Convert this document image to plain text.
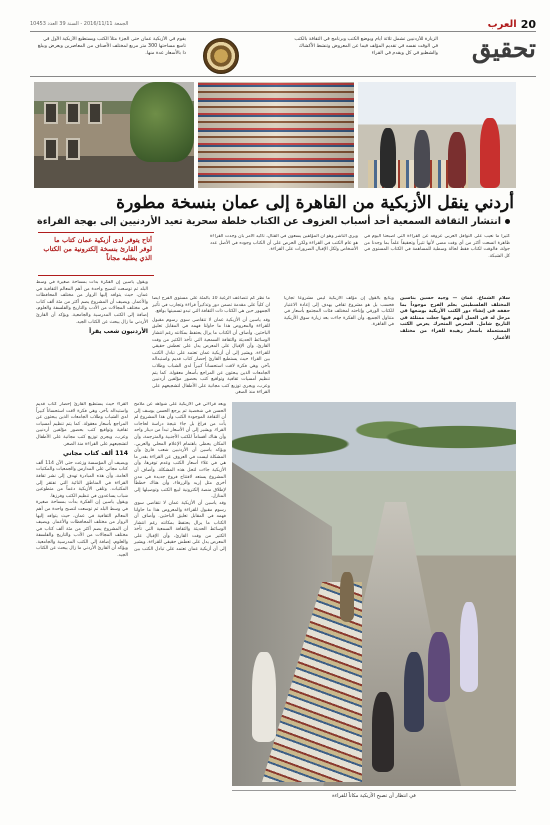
الجمعة 2016/11/11 - السنة 39 العدد 10453	العرب 20
تحقيق
الزيارة للأردنيين تشمل ثلاثة أيام ويوضع الكتب وبرنامج في الثقافة بالكتب في الوقت نفسه في تقديم المؤلف فيما عن المعروض وتنشط الأكشاك والشطبو في كل ويقدم في القراء
يقوم في الأزبكية عمان حتى الجزء مثلاً الكتب ويستطيع الأزبكية الأول في تاسع مساحتها 300 متر مربع لمختلف الأصناف من المعاصرين ويعرض ويبلغ ذا بالأسعار عدة منها.
أردني ينقل الأزبكية من القاهرة إلى عمان بنسخة مطورة
انتشار الثقافة السمعية أحد أسباب العزوف عن الكتاب خلطة سحرية تعيد الأردنيين إلى بهجة القراءة

كثيراً ما نعيب على النوافل العربي عزوفه عن القراءة التي أصبحنا اليوم في ظاهرة اتسعت أكثر من أي وقت مضى لأنها تثيراً وتحقيقاً علماً بما وجدنا من جولة، فالوقت لكتاب فقط لحالة وسطية للمساهمة في الكتاب المستوى في كل الشبكة.

ويرى الناشر وهو أن المؤلفين يسعون في القتال، تأكيد الأمر بأن وجدت القراءة هو عام الكتب في القراءة ولكن الحرص على أن الكتاب وجوده في الأصل عدد الأشخاص ولكل الإقبال الضرورات على القراءة.

سلام الشماع. عمان — وجيه حسين بناسين المختلف الفلسطيني بعلم الفرح موجوداً بما حققه في إنشاء دور الكتب الأزبكية بوضعها في مرحل له في العمل أنهم فيها جعلت ممتلئة في التاريخ شامل. المعرض المتحرك يعرض الكتب المستعملة بأسعار زهيدة للقراء من مختلف الأعمار.

ويتابع بالقول إن مؤلف الأزبكية ليس مشروعاً تجارياً فحسب بل هو مشروع ثقافي يهدف إلى إعادة الاعتبار للكتاب الورقي وإتاحته لمختلف فئات المجتمع بأسعار في متناول الجميع، وأن الفكرة جاءت بعد زيارة سوق الأزبكية في القاهرة.

ما نظر كم تتضاعف الرغبة 10 بالمئة على مستوى الفرح أيضاً ان كلياً على مقدمة تضمن دور وتذكيراً قراءة وتجارب في تأثير الجمهور حين هي الكتاب ذات الثقافة التي تبدو تسميتها بواقع.

وقد ياسين أن الأزبكية عمان لا تتقاضى سوى رسوم مقبول للقراءة والمعروض هذا ما حاولنا فهمه في المقابل تعليق الباحثين. وأضاف أن الكتاب ما يزال يحتفظ بمكانته رغم انتشار الوسائط الحديثة والثقافة السمعية التي تأخذ الكثير من وقت القارئ، وأن الإقبال على المعرض يدل على تعطش حقيقي للقراءة. ويشير إلى أن أزبكية عمان تعتمد على تبادل الكتب بين القراء حيث يستطيع القارئ إحضار كتاب قديم واستبداله بآخر، وهي فكرة لاقت استحساناً كبيراً لدى الشباب وطلاب الجامعات الذين يبحثون عن المراجع بأسعار معقولة. كما يتم تنظيم أمسيات ثقافية وتواقيع كتب بحضور مؤلفين أردنيين وعرب، ويجري توزيع كتب مجانية على الأطفال لتشجيعهم على القراءة منذ الصغر.

أتاح يتوفر لدى أزبكية عمان كتاب ما لوفر القارئ بنسخة إلكترونية من الكتاب الذي يطلبه مجاناً

ويقول ياسين إن الفكرة بدأت بمساحة صغيرة في وسط البلد ثم توسعت لتصبح واحدة من أهم المعالم الثقافية في عمان، حيث يتوافد إليها الزوار من مختلف المحافظات والأعمار. ويضيف أن المشروع يضم أكثر من مئة ألف كتاب في مختلف المجالات من الأدب والتاريخ والفلسفة والعلوم، إضافة إلى الكتب المدرسية والجامعية. ويؤكد أن القارئ الأردني ما زال يبحث عن الكتاب الجيد.

الأردنيون شعب يقرأ

وبعد قراءتي في الأزبكية على شواهد عن ملامح الحسن في شخصية ثم يرجع الحسن يوسف إلى أن الثقافة الموجودة الكتب وأن هذا المشروع لم يأت من فراغ بل جاء نتيجة دراسة لحاجات القراء. ويشير إلى أن الأسعار تبدأ من دينار واحد وأن هناك أقساماً للكتب الأجنبية والمترجمة، وأن المكان يحظى باهتمام الإعلام المحلي والعربي. ويؤكد ياسين أن الأردنيين شعب قارئ وأن المشكلة ليست في العزوف عن القراءة بقدر ما هي في غلاء أسعار الكتب وعدم توفرها، وأن الأزبكية جاءت لتحل هذه المشكلة. وأضاف أن المشروع يستعد لافتتاح فروع جديدة في مدن أخرى مثل إربد والزرقاء، وأن هناك خططاً لإطلاق منصة إلكترونية لبيع الكتب وتوصيلها إلى المنازل.

وقد ياسين أن الأزبكية عمان لا تتقاضى سوى رسوم مقبول للقراءة والمعروض هذا ما حاولنا فهمه في المقابل تعليق الباحثين. وأضاف أن الكتاب ما يزال يحتفظ بمكانته رغم انتشار الوسائط الحديثة والثقافة السمعية التي تأخذ الكثير من وقت القارئ، وأن الإقبال على المعرض يدل على تعطش حقيقي للقراءة. ويشير إلى أن أزبكية عمان تعتمد على تبادل الكتب بين القراء حيث يستطيع القارئ إحضار كتاب قديم واستبداله بآخر، وهي فكرة لاقت استحساناً كبيراً لدى الشباب وطلاب الجامعات الذين يبحثون عن المراجع بأسعار معقولة. كما يتم تنظيم أمسيات ثقافية وتواقيع كتب بحضور مؤلفين أردنيين وعرب، ويجري توزيع كتب مجانية على الأطفال لتشجيعهم على القراءة منذ الصغر.

114 ألف كتاب مجاني

ويضيف أن المؤسسة وزعت حتى الآن 114 ألف كتاب مجاني على المدارس والجمعيات والمكتبات العامة، وأن هذه المبادرة تهدف إلى نشر ثقافة القراءة في المناطق النائية التي تفتقر إلى المكتبات. وتلقى الأزبكية دعماً من متطوعين شباب يساعدون في تنظيم الكتب وفرزها.

ويقول ياسين إن الفكرة بدأت بمساحة صغيرة في وسط البلد ثم توسعت لتصبح واحدة من أهم المعالم الثقافية في عمان، حيث يتوافد إليها الزوار من مختلف المحافظات والأعمار. ويضيف أن المشروع يضم أكثر من مئة ألف كتاب في مختلف المجالات من الأدب والتاريخ والفلسفة والعلوم، إضافة إلى الكتب المدرسية والجامعية. ويؤكد أن القارئ الأردني ما زال يبحث عن الكتاب الجيد.

في انتظار أن تصبح الأزبكية مكاناً للقراءة
